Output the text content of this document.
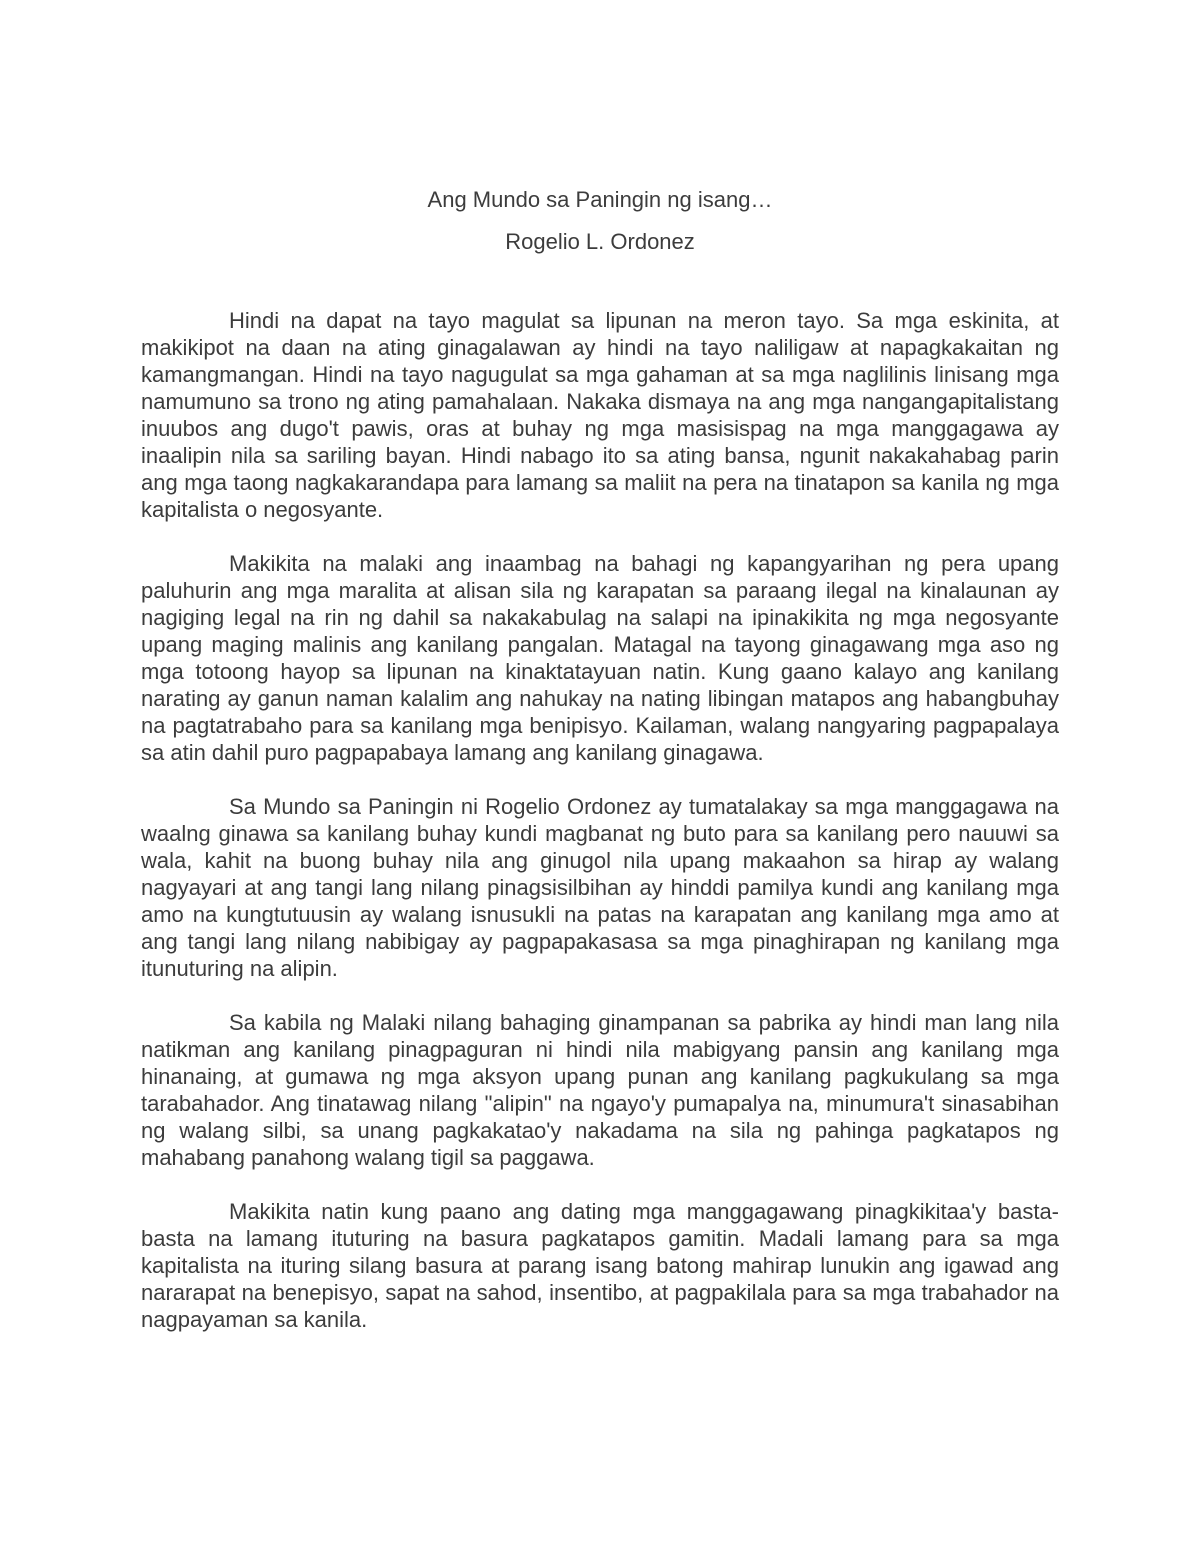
Ang Mundo sa Paningin ng isang…
Rogelio L. Ordonez

Hindi na dapat na tayo magulat sa lipunan na meron tayo. Sa mga eskinita, at makikipot na daan na ating ginagalawan ay hindi na tayo naliligaw at napagkakaitan ng kamangmangan. Hindi na tayo nagugulat sa mga gahaman at sa mga naglilinis linisang mga namumuno sa trono ng ating pamahalaan. Nakaka dismaya na ang mga nangangapitalistang inuubos ang dugo't pawis, oras at buhay ng mga masisispag na mga manggagawa ay inaalipin nila sa sariling bayan. Hindi nabago ito sa ating bansa, ngunit nakakahabag parin ang mga taong nagkakarandapa para lamang sa maliit na pera na tinatapon sa kanila ng mga kapitalista o negosyante.

Makikita na malaki ang inaambag na bahagi ng kapangyarihan ng pera upang paluhurin ang mga maralita at alisan sila ng karapatan sa paraang ilegal na kinalaunan ay nagiging legal na rin ng dahil sa nakakabulag na salapi na ipinakikita ng mga negosyante upang maging malinis ang kanilang pangalan. Matagal na tayong ginagawang mga aso ng mga totoong hayop sa lipunan na kinaktatayuan natin. Kung gaano kalayo ang kanilang narating ay ganun naman kalalim ang nahukay na nating libingan matapos ang habangbuhay na pagtatrabaho para sa kanilang mga benipisyo. Kailaman, walang nangyaring pagpapalaya sa atin dahil puro pagpapabaya lamang ang kanilang ginagawa.

Sa Mundo sa Paningin ni Rogelio Ordonez ay tumatalakay sa mga manggagawa na waalng ginawa sa kanilang buhay kundi magbanat ng buto para sa kanilang pero nauuwi sa wala, kahit na buong buhay nila ang ginugol nila upang makaahon sa hirap ay walang nagyayari at ang tangi lang nilang pinagsisilbihan ay hinddi pamilya kundi ang kanilang mga amo na kungtutuusin ay walang isnusukli na patas na karapatan ang kanilang mga amo at ang tangi lang nilang nabibigay ay pagpapakasasa sa mga pinaghirapan ng kanilang mga itunuturing na alipin.

Sa kabila ng Malaki nilang bahaging ginampanan sa pabrika ay hindi man lang nila natikman ang kanilang pinagpaguran ni hindi nila mabigyang pansin ang kanilang mga hinanaing, at gumawa ng mga aksyon upang punan ang kanilang pagkukulang sa mga tarabahador. Ang tinatawag nilang "alipin" na ngayo'y pumapalya na, minumura't sinasabihan ng walang silbi, sa unang pagkakatao'y nakadama na sila ng pahinga pagkatapos ng mahabang panahong walang tigil sa paggawa.

Makikita natin kung paano ang dating mga manggagawang pinagkikitaa'y basta-basta na lamang ituturing na basura pagkatapos gamitin. Madali lamang para sa mga kapitalista na ituring silang basura at parang isang batong mahirap lunukin ang igawad ang nararapat na benepisyo, sapat na sahod, insentibo, at pagpakilala para sa mga trabahador na nagpayaman sa kanila.
